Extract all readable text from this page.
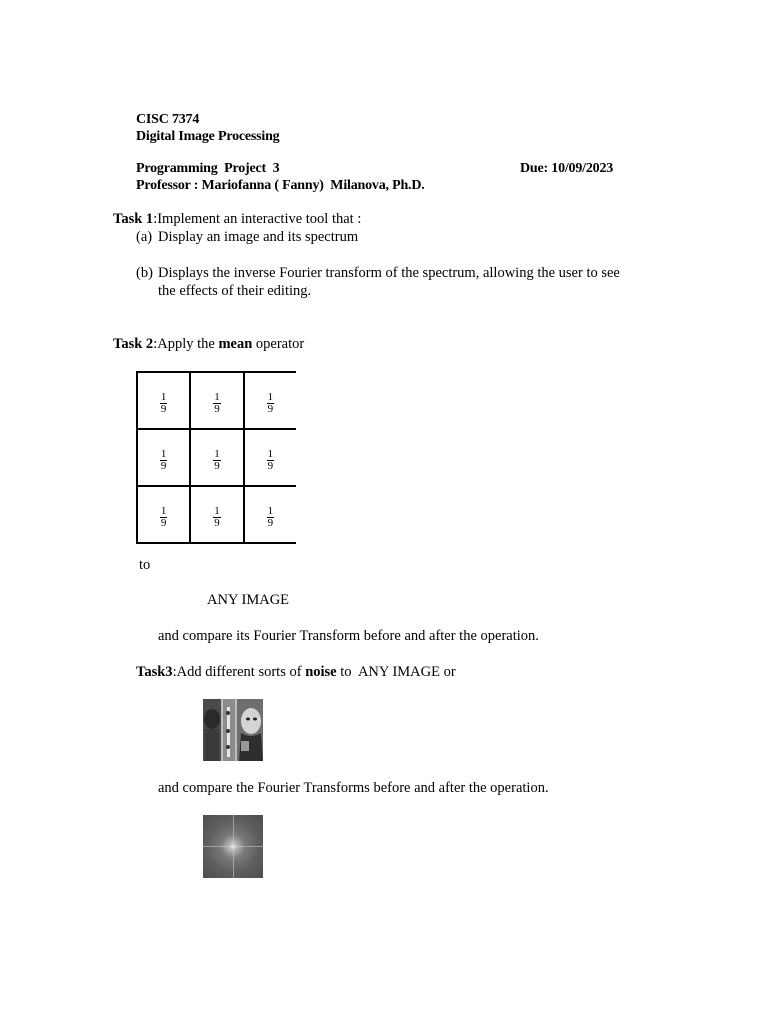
CISC 7374
Digital Image Processing
Programming  Project  3	Due: 10/09/2023
Professor : Mariofanna ( Fanny)  Milanova, Ph.D.
Task 1:Implement an interactive tool that :
(a) Display an image and its spectrum
(b) Displays the inverse Fourier transform of the spectrum, allowing the user to see
the effects of their editing.
Task 2:Apply the mean operator
$\frac{1}{9}$	$\frac{1}{9}$	$\frac{1}{9}$

$\frac{1}{9}$	$\frac{1}{9}$	$\frac{1}{9}$

$\frac{1}{9}$	$\frac{1}{9}$	$\frac{1}{9}$
to
ANY IMAGE
and compare its Fourier Transform before and after the operation.
Task3:Add different sorts of noise to  ANY IMAGE or
and compare the Fourier Transforms before and after the operation.
